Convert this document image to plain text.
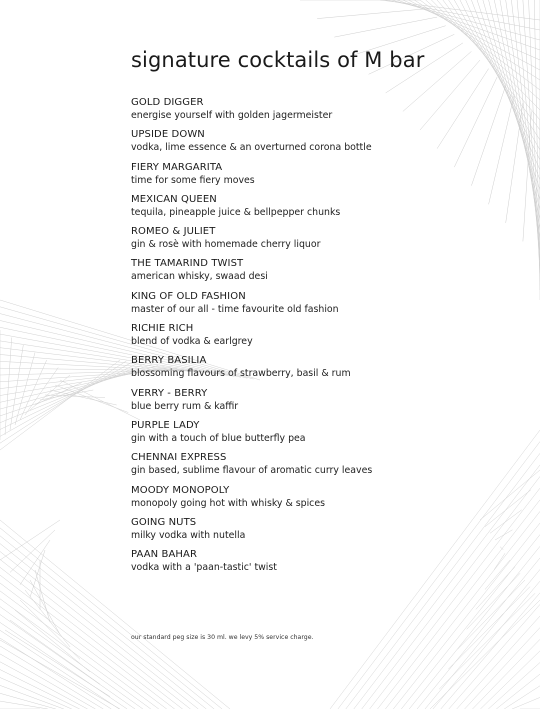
signature cocktails of M bar
GOLD DIGGER
energise yourself with golden jagermeister
UPSIDE DOWN
vodka, lime essence & an overturned corona bottle
FIERY MARGARITA
time for some fiery moves
MEXICAN QUEEN
tequila, pineapple juice & bellpepper chunks
ROMEO & JULIET
gin & rosè with homemade cherry liquor
THE TAMARIND TWIST
american whisky, swaad desi
KING OF OLD FASHION
master of our all - time favourite old fashion
RICHIE RICH
blend of vodka & earlgrey
BERRY BASILIA
blossoming flavours of strawberry, basil & rum
VERRY - BERRY
blue berry rum & kaffir
PURPLE LADY
gin with a touch of blue butterfly pea
CHENNAI EXPRESS
gin based, sublime flavour of aromatic curry leaves
MOODY MONOPOLY
monopoly going hot with whisky & spices
GOING NUTS
milky vodka with nutella
PAAN BAHAR
vodka with a 'paan-tastic' twist

our standard peg size is 30 ml. we levy 5% service charge.
